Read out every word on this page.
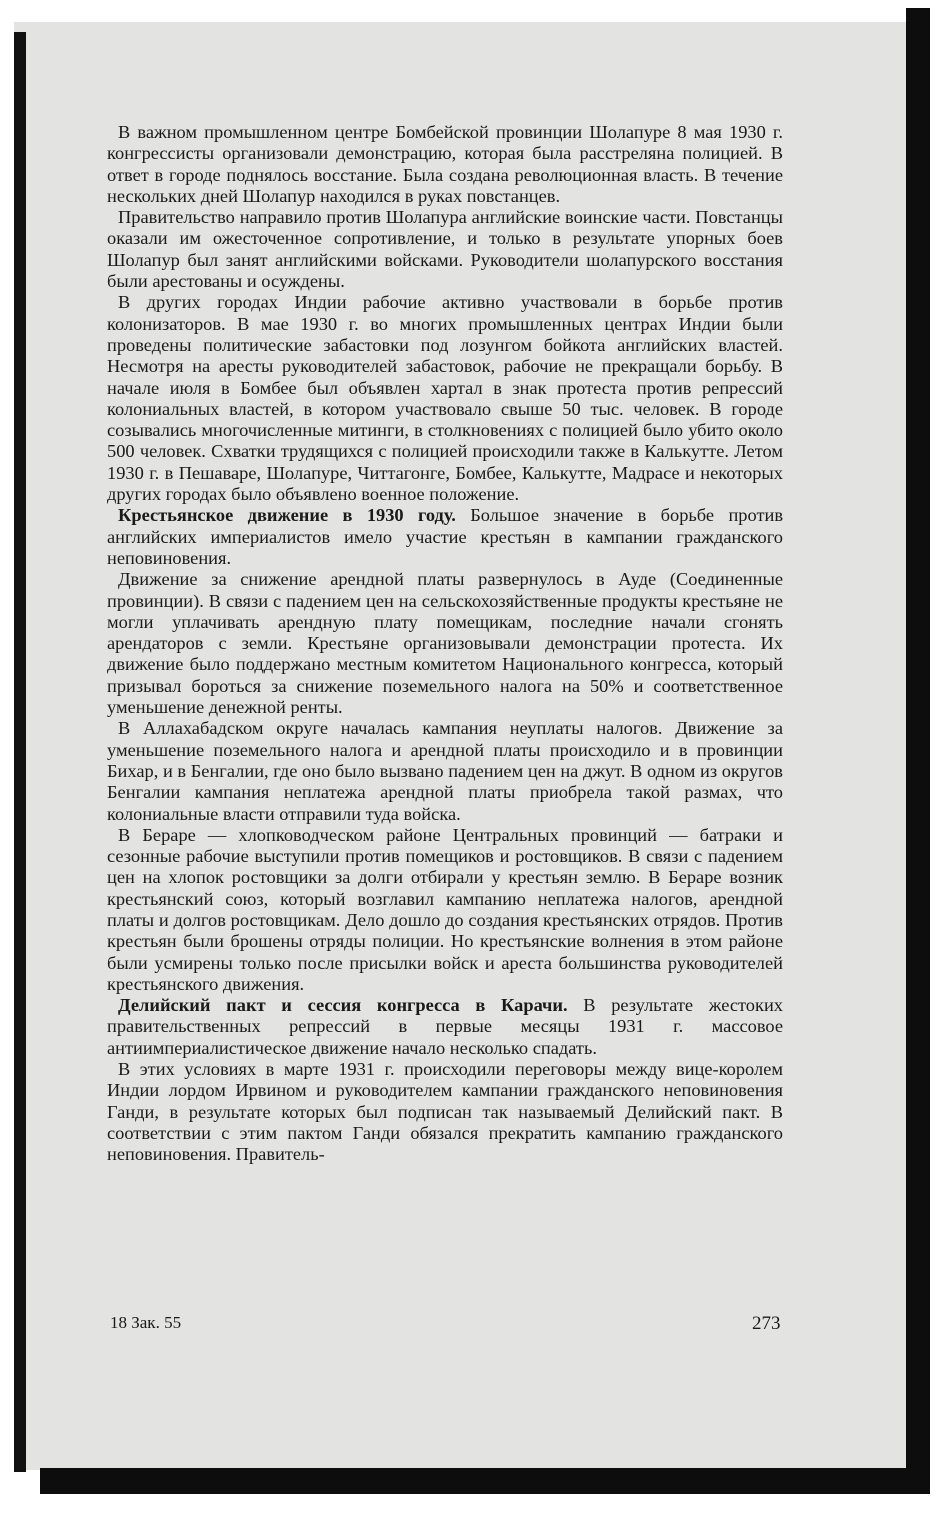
В важном промышленном центре Бомбейской провинции Шолапуре 8 мая 1930 г. конгрессисты организовали демонстрацию, которая была расстреляна полицией. В ответ в городе поднялось восстание. Была создана революционная власть. В течение нескольких дней Шолапур находился в руках повстанцев.

Правительство направило против Шолапура английские воинские части. Повстанцы оказали им ожесточенное сопротивление, и только в результате упорных боев Шолапур был занят английскими войсками. Руководители шолапурского восстания были арестованы и осуждены.

В других городах Индии рабочие активно участвовали в борьбе против колонизаторов. В мае 1930 г. во многих промышленных центрах Индии были проведены политические забастовки под лозунгом бойкота английских властей. Несмотря на аресты руководителей забастовок, рабочие не прекращали борьбу. В начале июля в Бомбее был объявлен хартал в знак протеста против репрессий колониальных властей, в котором участвовало свыше 50 тыс. человек. В городе созывались многочисленные митинги, в столкновениях с полицией было убито около 500 человек. Схватки трудящихся с полицией происходили также в Калькутте. Летом 1930 г. в Пешаваре, Шолапуре, Читтагонге, Бомбее, Калькутте, Мадрасе и некоторых других городах было объявлено военное положение.

Крестьянское движение в 1930 году. Большое значение в борьбе против английских империалистов имело участие крестьян в кампании гражданского неповиновения.

Движение за снижение арендной платы развернулось в Ауде (Соединенные провинции). В связи с падением цен на сельскохозяйственные продукты крестьяне не могли уплачивать арендную плату помещикам, последние начали сгонять арендаторов с земли. Крестьяне организовывали демонстрации протеста. Их движение было поддержано местным комитетом Национального конгресса, который призывал бороться за снижение поземельного налога на 50% и соответственное уменьшение денежной ренты.

В Аллахабадском округе началась кампания неуплаты налогов. Движение за уменьшение поземельного налога и арендной платы происходило и в провинции Бихар, и в Бенгалии, где оно было вызвано падением цен на джут. В одном из округов Бенгалии кампания неплатежа арендной платы приобрела такой размах, что колониальные власти отправили туда войска.

В Бераре — хлопководческом районе Центральных провинций — батраки и сезонные рабочие выступили против помещиков и ростовщиков. В связи с падением цен на хлопок ростовщики за долги отбирали у крестьян землю. В Бераре возник крестьянский союз, который возглавил кампанию неплатежа налогов, арендной платы и долгов ростовщикам. Дело дошло до создания крестьянских отрядов. Против крестьян были брошены отряды полиции. Но крестьянские волнения в этом районе были усмирены только после присылки войск и ареста большинства руководителей крестьянского движения.

Делийский пакт и сессия конгресса в Карачи. В результате жестоких правительственных репрессий в первые месяцы 1931 г. массовое антиимпериалистическое движение начало несколько спадать.

В этих условиях в марте 1931 г. происходили переговоры между вице-королем Индии лордом Ирвином и руководителем кампании гражданского неповиновения Ганди, в результате которых был подписан так называемый Делийский пакт. В соответствии с этим пактом Ганди обязался прекратить кампанию гражданского неповиновения. Правитель-

18 Зак. 55	273
